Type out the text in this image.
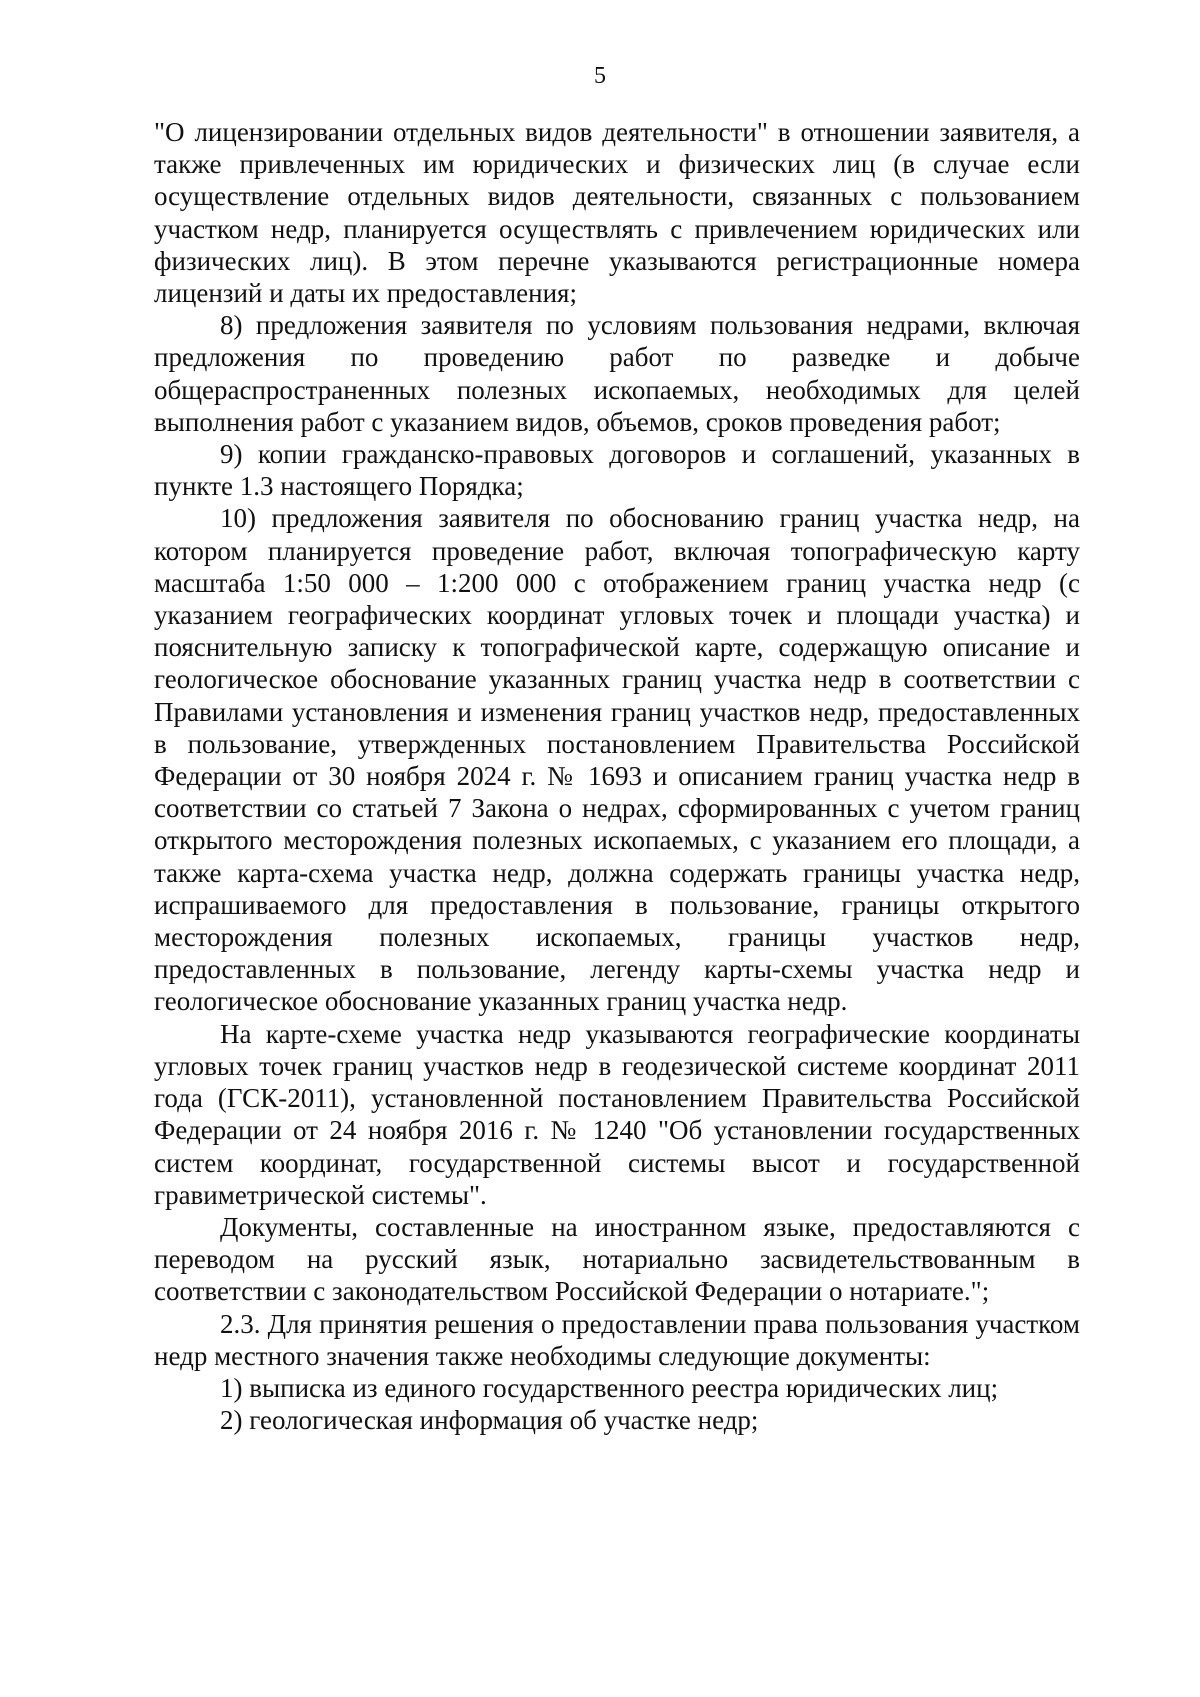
5

"О лицензировании отдельных видов деятельности" в отношении заявителя, а также привлеченных им юридических и физических лиц (в случае если осуществление отдельных видов деятельности, связанных с пользованием участком недр, планируется осуществлять с привлечением юридических или физических лиц). В этом перечне указываются регистрационные номера лицензий и даты их предоставления;

8) предложения заявителя по условиям пользования недрами, включая предложения по проведению работ по разведке и добыче общераспространенных полезных ископаемых, необходимых для целей выполнения работ с указанием видов, объемов, сроков проведения работ;

9) копии гражданско-правовых договоров и соглашений, указанных в пункте 1.3 настоящего Порядка;

10) предложения заявителя по обоснованию границ участка недр, на котором планируется проведение работ, включая топографическую карту масштаба 1:50 000 – 1:200 000 с отображением границ участка недр (с указанием географических координат угловых точек и площади участка) и пояснительную записку к топографической карте, содержащую описание и геологическое обоснование указанных границ участка недр в соответствии с Правилами установления и изменения границ участков недр, предоставленных в пользование, утвержденных постановлением Правительства Российской Федерации от 30 ноября 2024 г. № 1693 и описанием границ участка недр в соответствии со статьей 7 Закона о недрах, сформированных с учетом границ открытого месторождения полезных ископаемых, с указанием его площади, а также карта-схема участка недр, должна содержать границы участка недр, испрашиваемого для предоставления в пользование, границы открытого месторождения полезных ископаемых, границы участков недр, предоставленных в пользование, легенду карты-схемы участка недр и геологическое обоснование указанных границ участка недр.

На карте-схеме участка недр указываются географические координаты угловых точек границ участков недр в геодезической системе координат 2011 года (ГСК-2011), установленной постановлением Правительства Российской Федерации от 24 ноября 2016 г. № 1240 "Об установлении государственных систем координат, государственной системы высот и государственной гравиметрической системы".

Документы, составленные на иностранном языке, предоставляются с переводом на русский язык, нотариально засвидетельствованным в соответствии с законодательством Российской Федерации о нотариате.";

2.3. Для принятия решения о предоставлении права пользования участком недр местного значения также необходимы следующие документы:

1) выписка из единого государственного реестра юридических лиц;

2) геологическая информация об участке недр;
